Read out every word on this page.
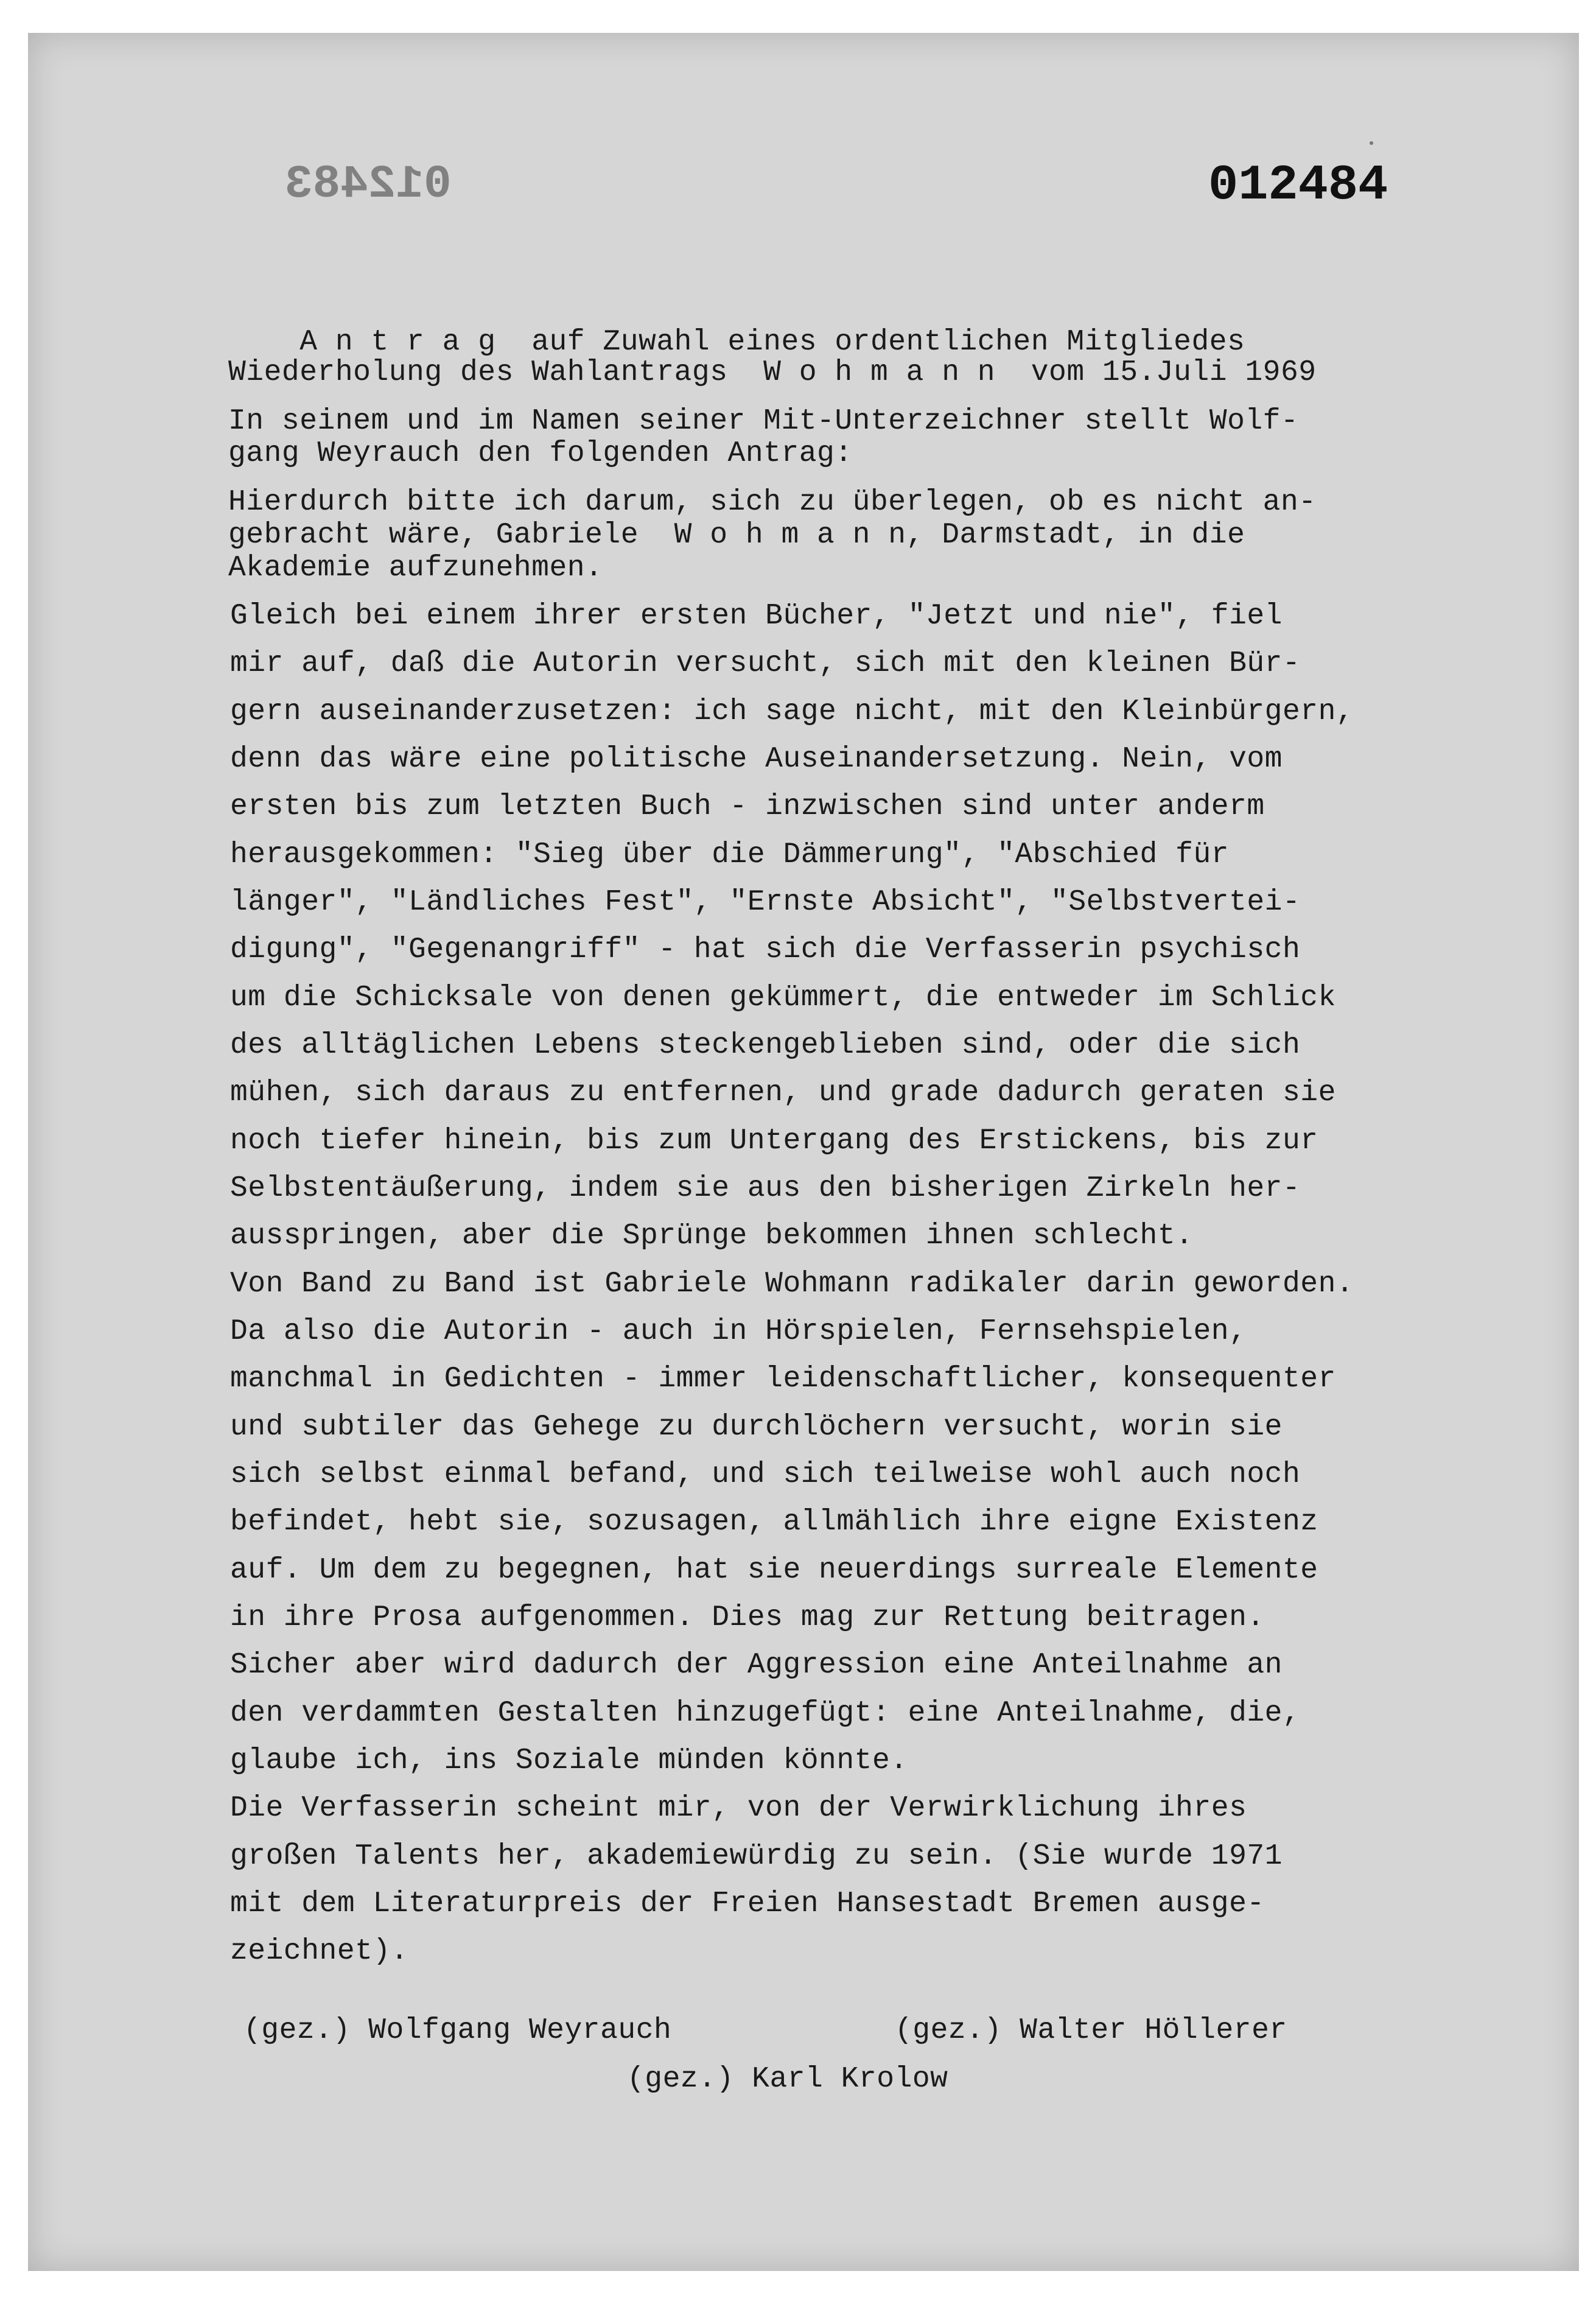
012483	012484

A n t r a g auf Zuwahl eines ordentlichen Mitgliedes

Wiederholung des Wahlantrags  W o h m a n n  vom 15.Juli 1969
In seinem und im Namen seiner Mit-Unterzeichner stellt Wolf-
gang Weyrauch den folgenden Antrag:
Hierdurch bitte ich darum, sich zu überlegen, ob es nicht an-
gebracht wäre, Gabriele  W o h m a n n, Darmstadt, in die
Akademie aufzunehmen.
Gleich bei einem ihrer ersten Bücher, "Jetzt und nie", fiel
mir auf, daß die Autorin versucht, sich mit den kleinen Bür-
gern auseinanderzusetzen: ich sage nicht, mit den Kleinbürgern,
denn das wäre eine politische Auseinandersetzung. Nein, vom
ersten bis zum letzten Buch - inzwischen sind unter anderm
herausgekommen: "Sieg über die Dämmerung", "Abschied für
länger", "Ländliches Fest", "Ernste Absicht", "Selbstvertei-
digung", "Gegenangriff" - hat sich die Verfasserin psychisch
um die Schicksale von denen gekümmert, die entweder im Schlick
des alltäglichen Lebens steckengeblieben sind, oder die sich
mühen, sich daraus zu entfernen, und grade dadurch geraten sie
noch tiefer hinein, bis zum Untergang des Erstickens, bis zur
Selbstentäußerung, indem sie aus den bisherigen Zirkeln her-
ausspringen, aber die Sprünge bekommen ihnen schlecht.
Von Band zu Band ist Gabriele Wohmann radikaler darin geworden.
Da also die Autorin - auch in Hörspielen, Fernsehspielen,
manchmal in Gedichten - immer leidenschaftlicher, konsequenter
und subtiler das Gehege zu durchlöchern versucht, worin sie
sich selbst einmal befand, und sich teilweise wohl auch noch
befindet, hebt sie, sozusagen, allmählich ihre eigne Existenz
auf. Um dem zu begegnen, hat sie neuerdings surreale Elemente
in ihre Prosa aufgenommen. Dies mag zur Rettung beitragen.
Sicher aber wird dadurch der Aggression eine Anteilnahme an
den verdammten Gestalten hinzugefügt: eine Anteilnahme, die,
glaube ich, ins Soziale münden könnte.
Die Verfasserin scheint mir, von der Verwirklichung ihres
großen Talents her, akademiewürdig zu sein. (Sie wurde 1971
mit dem Literaturpreis der Freien Hansestadt Bremen ausge-
zeichnet).
(gez.) Wolfgang Weyrauch	(gez.) Walter Höllerer
(gez.) Karl Krolow
